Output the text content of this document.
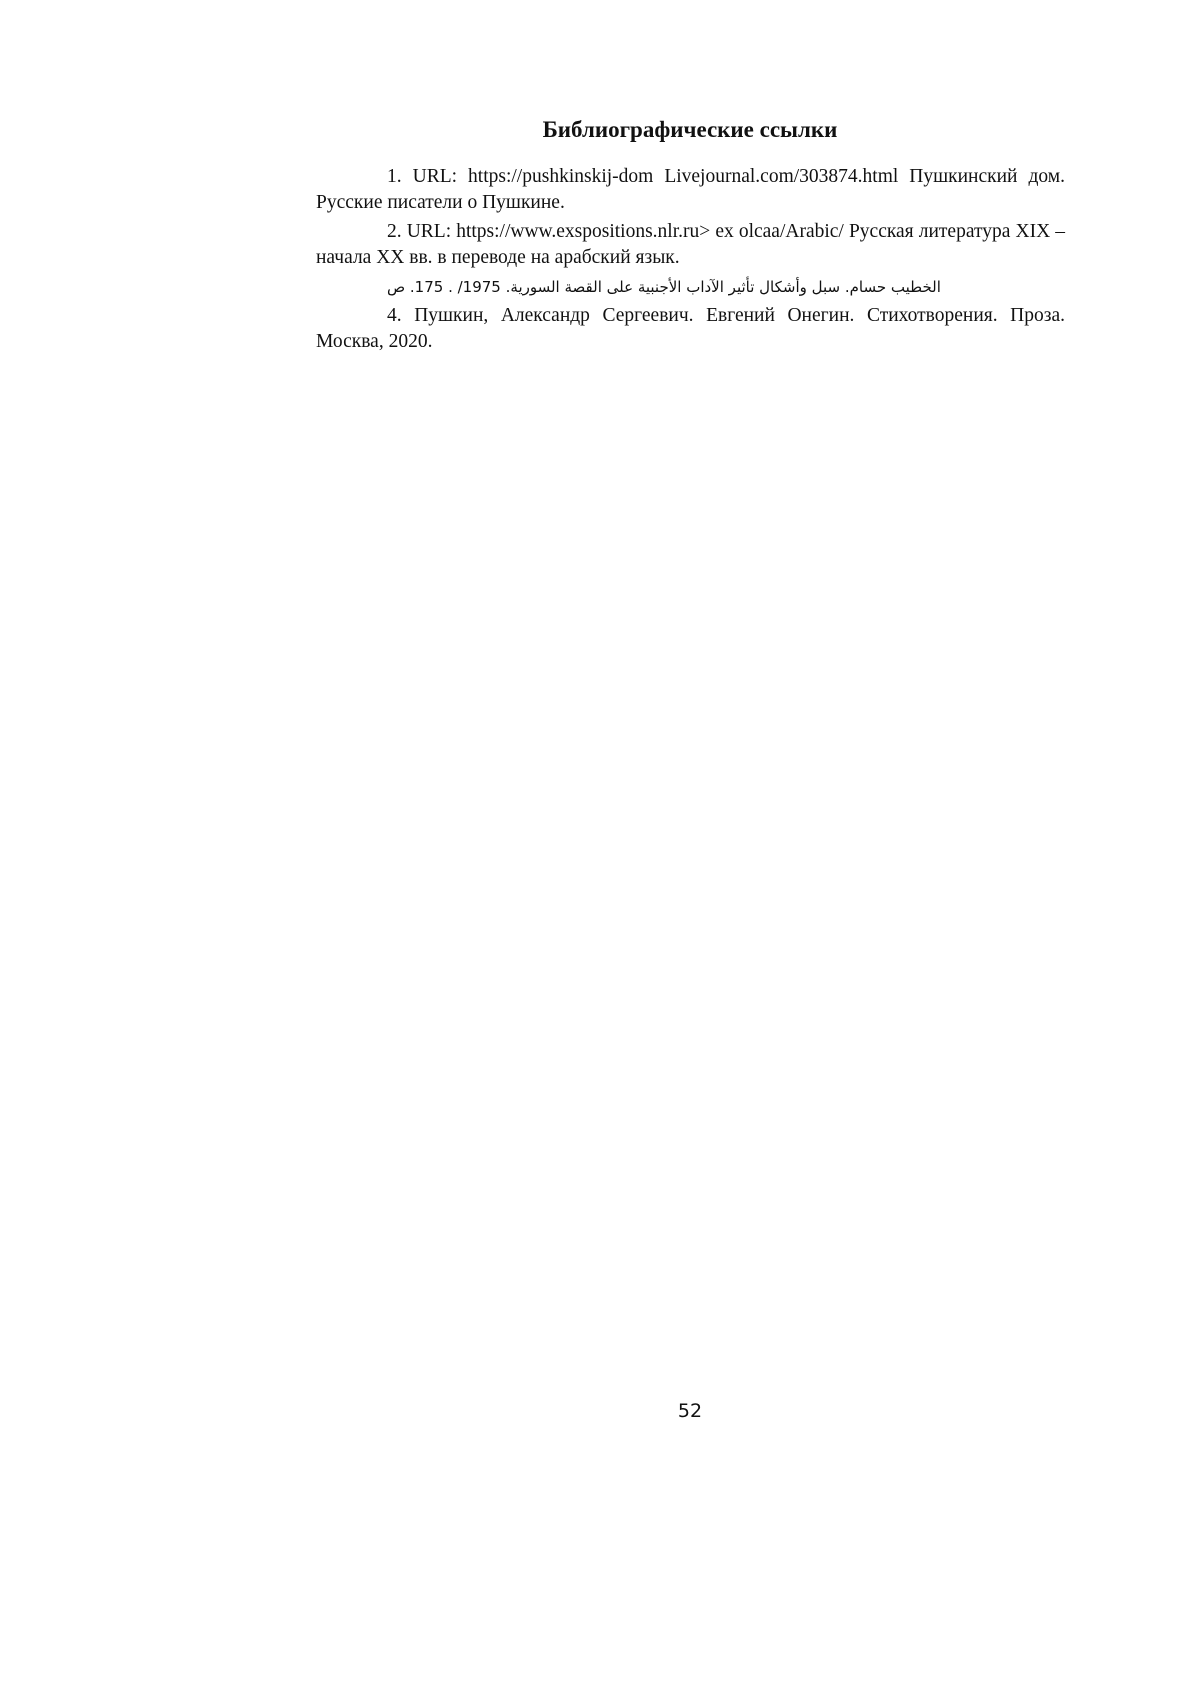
Библиографические ссылки

1. URL: https://pushkinskij-dom Livejournal.com/303874.html Пушкинский дом. Русские писатели о Пушкине.

2. URL: https://www.exspositions.nlr.ru> ex olcaa/Arabic/ Русская литература XIX – начала XX вв. в переводе на арабский язык.

الخطيب حسام. سبل وأشكال تأثير الآداب الأجنبية على القصة السورية. 1975/ . 175. ص

4. Пушкин, Александр Сергеевич. Евгений Онегин. Стихотворения. Проза. Москва, 2020.

52
